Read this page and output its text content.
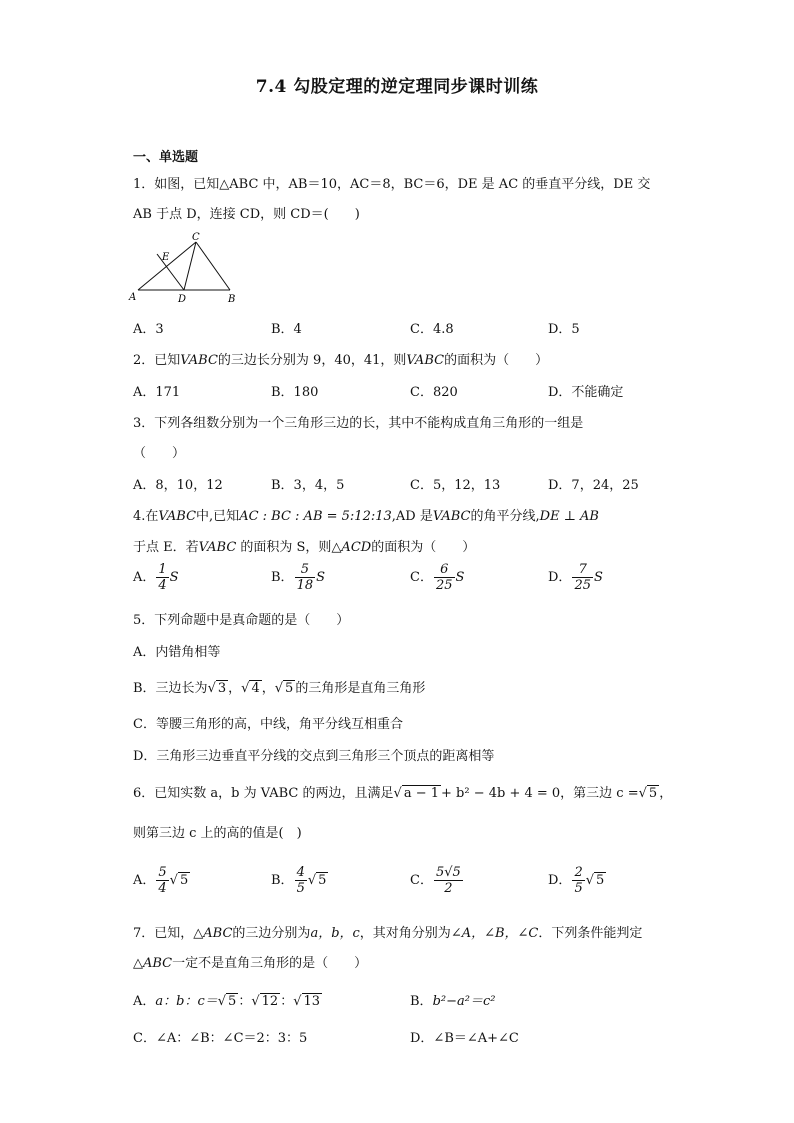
7.4 勾股定理的逆定理同步课时训练
一、单选题
1．如图，已知△ABC 中，AB＝10，AC＝8，BC＝6，DE 是 AC 的垂直平分线，DE 交
AB 于点 D，连接 CD，则 CD＝(　　)
A	B
C
D
E
A．3	B．4	C．4.8	D．5
2．已知VABC的三边长分别为 9，40，41，则VABC的面积为（　　）
A．171	B．180	C．820	D．不能确定
3．下列各组数分别为一个三角形三边的长，其中不能构成直角三角形的一组是
（　　）
A．8，10，12	B．3，4，5	C．5，12，13	D．7，24，25
4.在VABC中,已知AC : BC : AB = 5:12:13,AD 是VABC的角平分线,DE ⊥ AB
于点 E．若VABC 的面积为 S，则△ACD的面积为（　　）
A． $\frac{1}{4}$ S	B． $\frac{5}{18}$ S	C． $\frac{6}{25}$ S	D． $\frac{7}{25}$ S
5．下列命题中是真命题的是（　　）
A．内错角相等
B．三边长为√ 3 ，√ 4 ，√ 5 的三角形是直角三角形
C．等腰三角形的高，中线，角平分线互相重合
D．三角形三边垂直平分线的交点到三角形三个顶点的距离相等
6．已知实数 a，b 为 VABC 的两边，且满足√ a − 1 + b² − 4b + 4 = 0，第三边 c =√ 5 ，
则第三边 c 上的高的值是(　)
A． $\frac{5}{4}$ √ 5	B． $\frac{4}{5}$ √ 5	C． $\frac{5√5}{2}$	D． $\frac{2}{5}$ √ 5
7．已知，△ABC的三边分别为a，b，c，其对角分别为∠A，∠B，∠C．下列条件能判定
△ABC一定不是直角三角形的是（　　）
A．a：b：c＝√ 5 ：√ 12 ：√ 13	B．b²−a²＝c²
C．∠A：∠B：∠C＝2：3：5	D．∠B＝∠A+∠C
